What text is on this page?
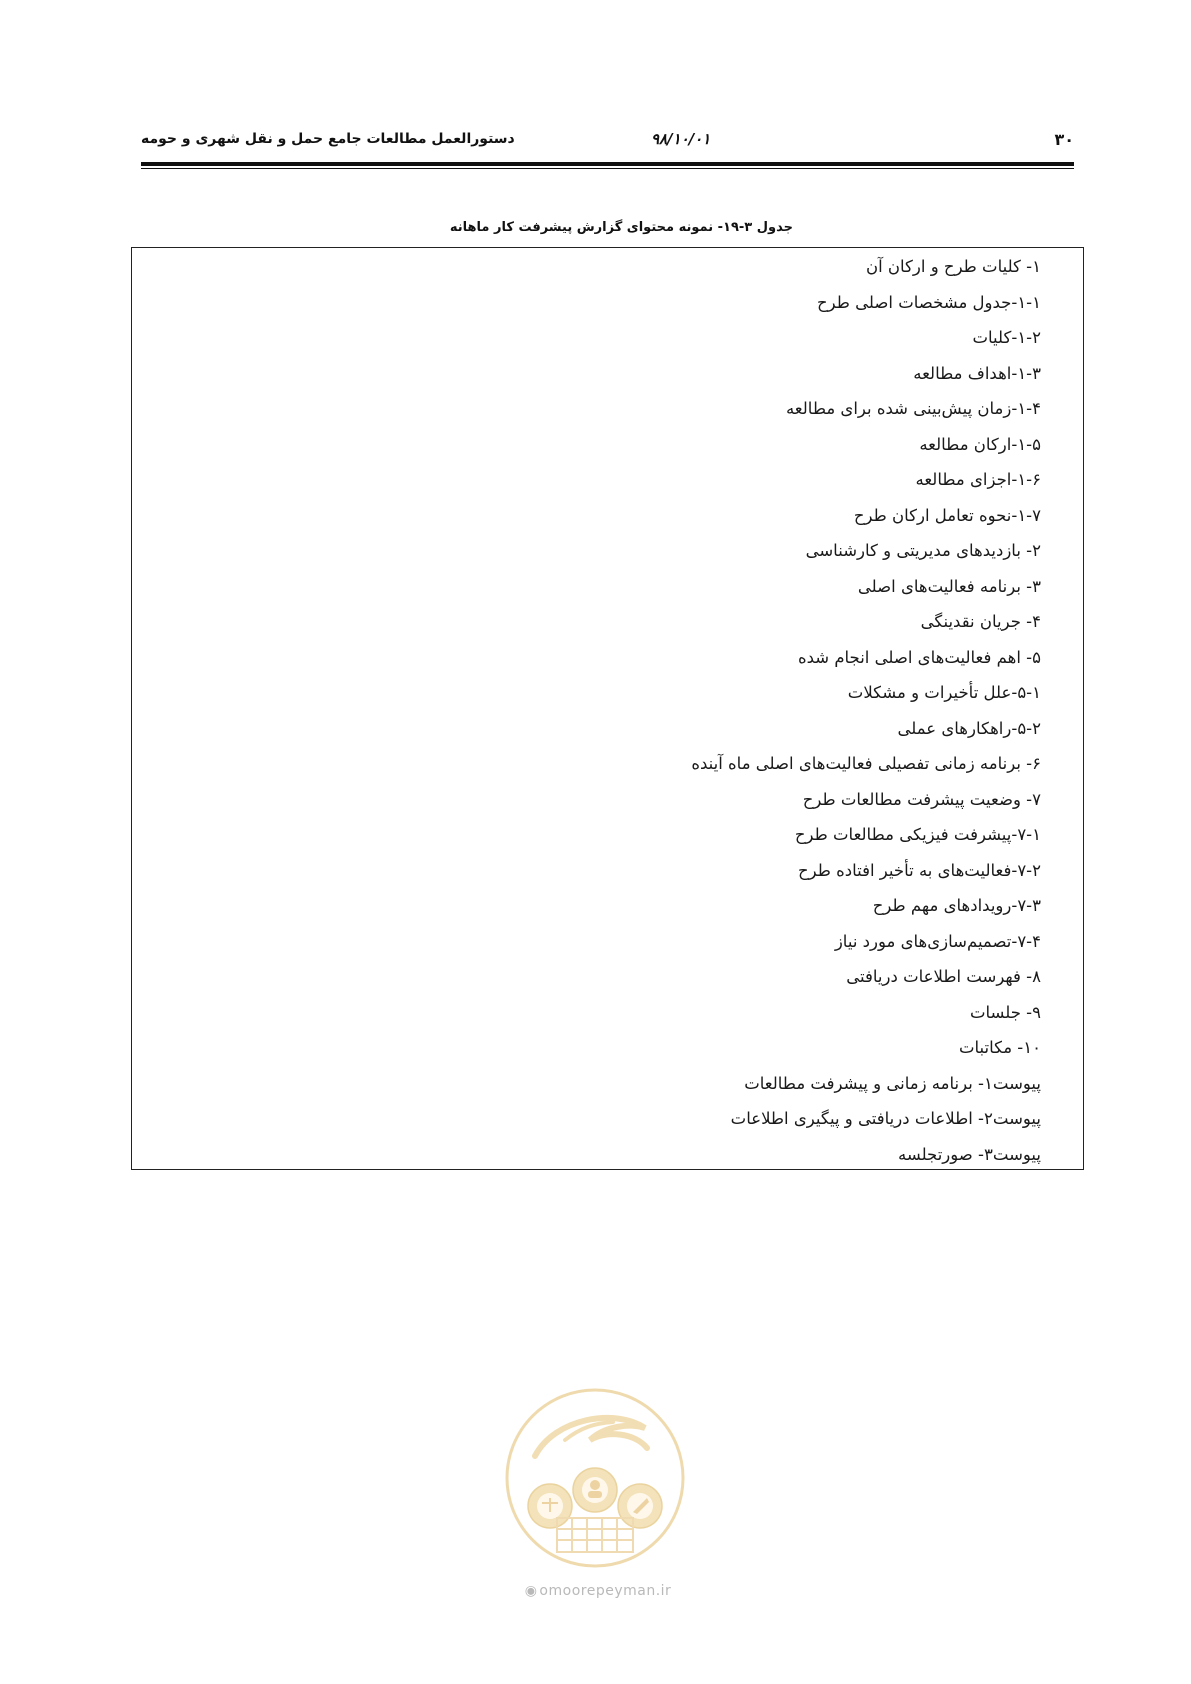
۳۰
۹۸/۱۰/۰۱
دستورالعمل مطالعات جامع حمل و نقل شهری و حومه
جدول ۳-۱۹- نمونه محتوای گزارش پیشرفت کار ماهانه
۱- کلیات طرح و ارکان آن
۱-۱-جدول مشخصات اصلی طرح
۱-۲-کلیات
۱-۳-اهداف مطالعه
۱-۴-زمان پیش‌بینی شده برای مطالعه
۱-۵-ارکان مطالعه
۱-۶-اجزای مطالعه
۱-۷-نحوه تعامل ارکان طرح
۲- بازدیدهای مدیریتی و کارشناسی
۳- برنامه فعالیت‌های اصلی
۴- جریان نقدینگی
۵- اهم فعالیت‌های اصلی انجام شده
۵-۱-علل تأخیرات و مشکلات
۵-۲-راهکارهای عملی
۶- برنامه زمانی تفصیلی فعالیت‌های اصلی ماه آینده
۷- وضعیت پیشرفت مطالعات طرح
۷-۱-پیشرفت فیزیکی مطالعات طرح
۷-۲-فعالیت‌های به تأخیر افتاده طرح
۷-۳-رویدادهای مهم طرح
۷-۴-تصمیم‌سازی‌های مورد نیاز
۸- فهرست اطلاعات دریافتی
۹- جلسات
۱۰- مکاتبات
پیوست۱- برنامه زمانی و پیشرفت مطالعات
پیوست۲- اطلاعات دریافتی و پیگیری اطلاعات
پیوست۳- صورتجلسه
◉ omoorepeyman.ir
